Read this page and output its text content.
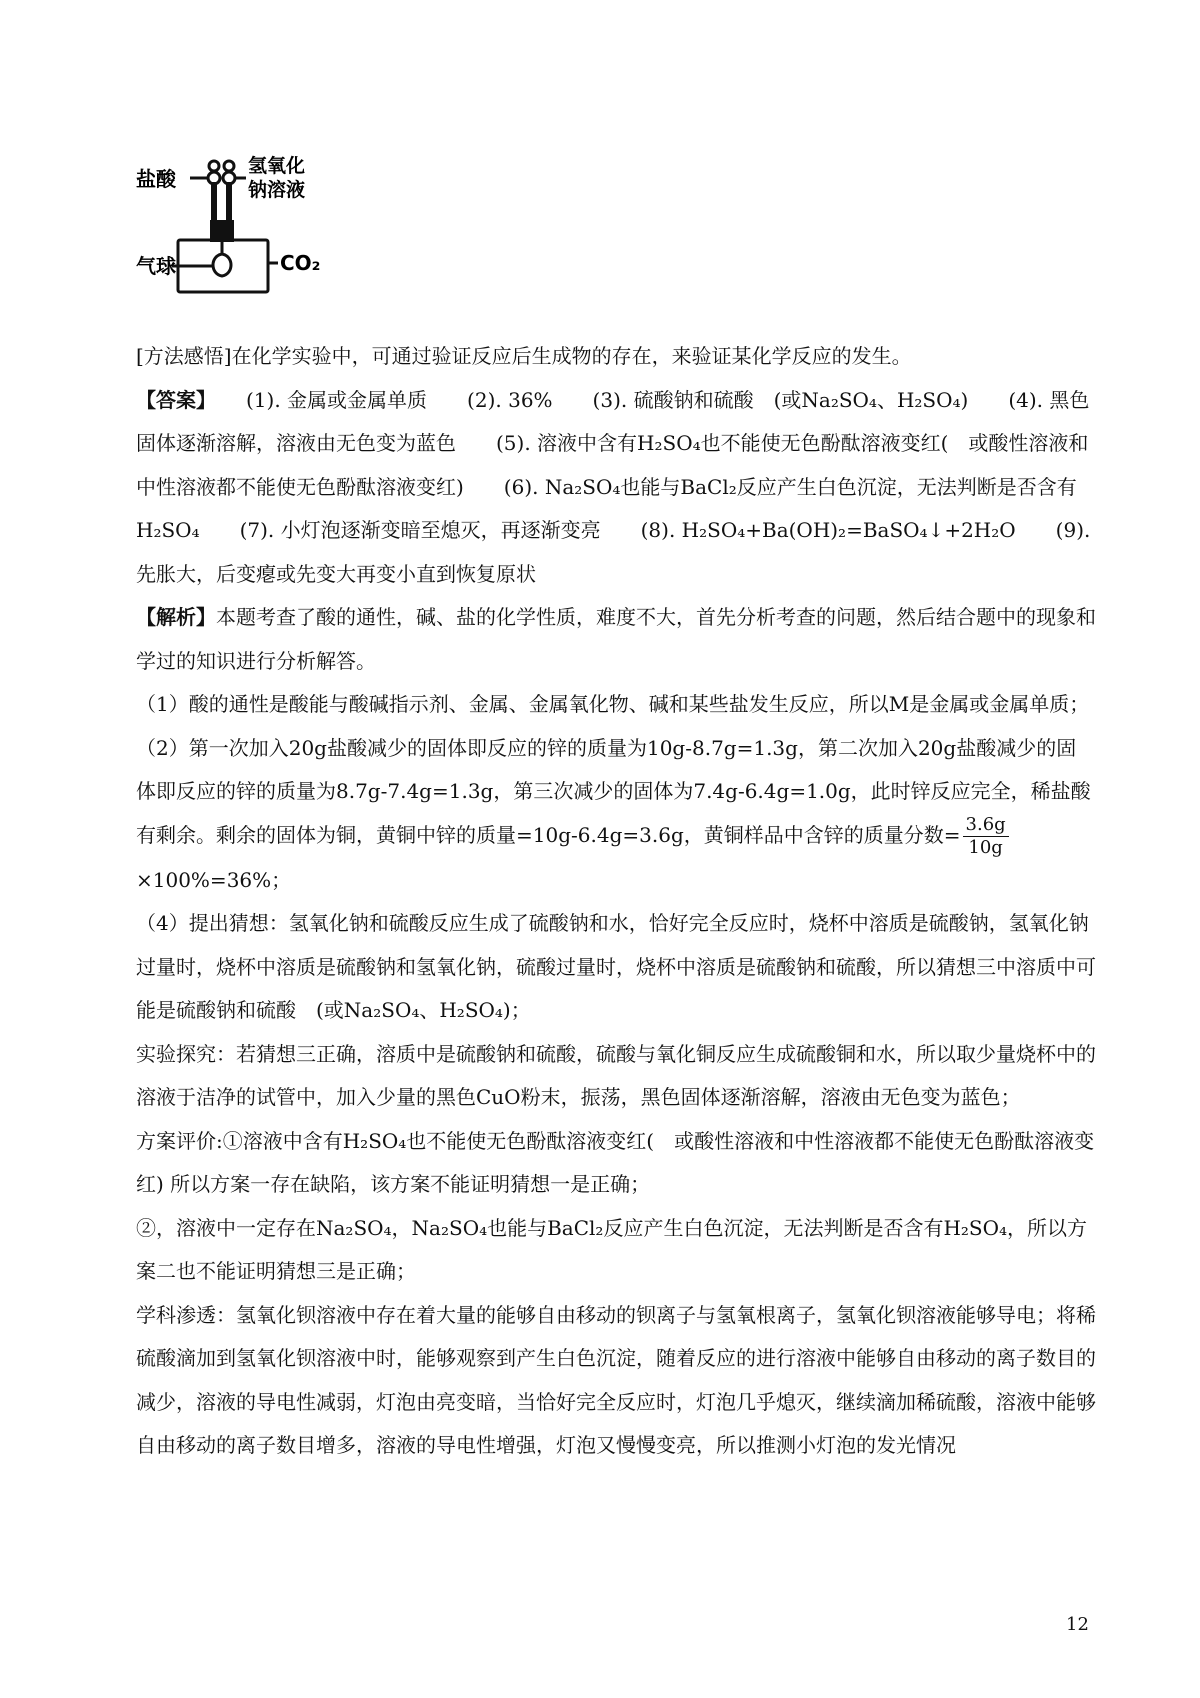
盐酸
氢氧化
钠溶液
气球	CO₂

[方法感悟]在化学实验中，可通过验证反应后生成物的存在，来验证某化学反应的发生。

【答案】　　(1). 金属或金属单质　　(2). 36%　　(3). 硫酸钠和硫酸　(或Na₂SO₄、H₂SO₄)　　(4). 黑色固体逐渐溶解，溶液由无色变为蓝色　　(5). 溶液中含有H₂SO₄也不能使无色酚酞溶液变红(　或酸性溶液和中性溶液都不能使无色酚酞溶液变红)　　(6). Na₂SO₄也能与BaCl₂反应产生白色沉淀，无法判断是否含有H₂SO₄　　(7). 小灯泡逐渐变暗至熄灭，再逐渐变亮　　(8). H₂SO₄+Ba(OH)₂=BaSO₄↓+2H₂O　　(9). 先胀大，后变瘪或先变大再变小直到恢复原状

【解析】本题考查了酸的通性，碱、盐的化学性质，难度不大，首先分析考查的问题，然后结合题中的现象和学过的知识进行分析解答。

（1）酸的通性是酸能与酸碱指示剂、金属、金属氧化物、碱和某些盐发生反应，所以M是金属或金属单质；

（2）第一次加入20g盐酸减少的固体即反应的锌的质量为10g-8.7g=1.3g，第二次加入20g盐酸减少的固体即反应的锌的质量为8.7g-7.4g=1.3g，第三次减少的固体为7.4g-6.4g=1.0g，此时锌反应完全，稀盐酸有剩余。剩余的固体为铜，黄铜中锌的质量=10g-6.4g=3.6g，黄铜样品中含锌的质量分数= $\frac{3.6g}{10g}$
×100%=36%；

（4）提出猜想：氢氧化钠和硫酸反应生成了硫酸钠和水，恰好完全反应时，烧杯中溶质是硫酸钠，氢氧化钠过量时，烧杯中溶质是硫酸钠和氢氧化钠，硫酸过量时，烧杯中溶质是硫酸钠和硫酸，所以猜想三中溶质中可能是硫酸钠和硫酸　(或Na₂SO₄、H₂SO₄)；

实验探究：若猜想三正确，溶质中是硫酸钠和硫酸，硫酸与氧化铜反应生成硫酸铜和水，所以取少量烧杯中的溶液于洁净的试管中，加入少量的黑色CuO粉末，振荡，黑色固体逐渐溶解，溶液由无色变为蓝色；

方案评价:①溶液中含有H₂SO₄也不能使无色酚酞溶液变红(　或酸性溶液和中性溶液都不能使无色酚酞溶液变红) 所以方案一存在缺陷，该方案不能证明猜想一是正确；

②，溶液中一定存在Na₂SO₄，Na₂SO₄也能与BaCl₂反应产生白色沉淀，无法判断是否含有H₂SO₄，所以方案二也不能证明猜想三是正确；

学科渗透：氢氧化钡溶液中存在着大量的能够自由移动的钡离子与氢氧根离子，氢氧化钡溶液能够导电；将稀硫酸滴加到氢氧化钡溶液中时，能够观察到产生白色沉淀，随着反应的进行溶液中能够自由移动的离子数目的减少，溶液的导电性减弱，灯泡由亮变暗，当恰好完全反应时，灯泡几乎熄灭，继续滴加稀硫酸，溶液中能够自由移动的离子数目增多，溶液的导电性增强，灯泡又慢慢变亮，所以推测小灯泡的发光情况

12
